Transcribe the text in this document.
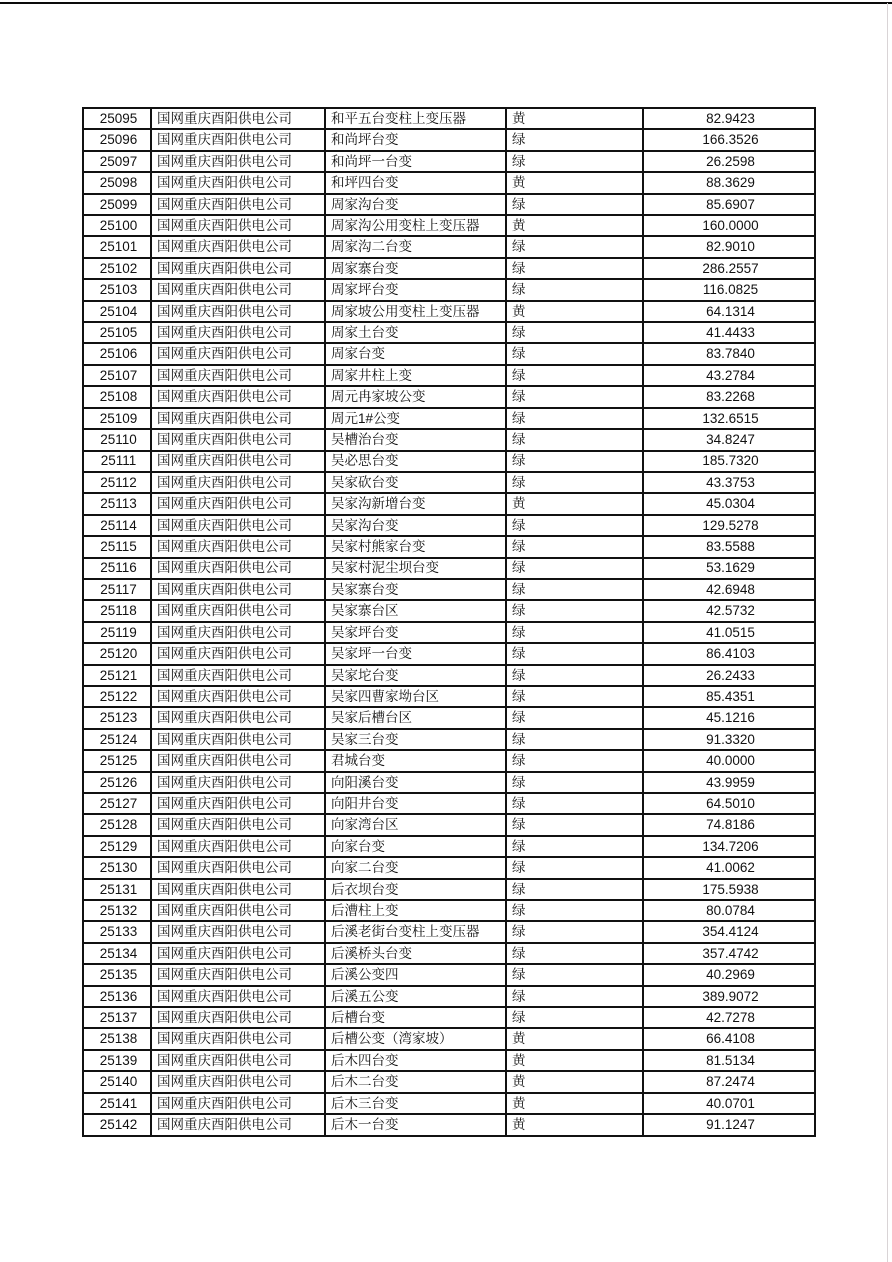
25095	国网重庆酉阳供电公司	和平五台变柱上变压器	黄	82.9423
25096	国网重庆酉阳供电公司	和尚坪台变	绿	166.3526
25097	国网重庆酉阳供电公司	和尚坪一台变	绿	26.2598
25098	国网重庆酉阳供电公司	和坪四台变	黄	88.3629
25099	国网重庆酉阳供电公司	周家沟台变	绿	85.6907
25100	国网重庆酉阳供电公司	周家沟公用变柱上变压器	黄	160.0000
25101	国网重庆酉阳供电公司	周家沟二台变	绿	82.9010
25102	国网重庆酉阳供电公司	周家寨台变	绿	286.2557
25103	国网重庆酉阳供电公司	周家坪台变	绿	116.0825
25104	国网重庆酉阳供电公司	周家坡公用变柱上变压器	黄	64.1314
25105	国网重庆酉阳供电公司	周家土台变	绿	41.4433
25106	国网重庆酉阳供电公司	周家台变	绿	83.7840
25107	国网重庆酉阳供电公司	周家井柱上变	绿	43.2784
25108	国网重庆酉阳供电公司	周元冉家坡公变	绿	83.2268
25109	国网重庆酉阳供电公司	周元1#公变	绿	132.6515
25110	国网重庆酉阳供电公司	吴槽治台变	绿	34.8247
25111	国网重庆酉阳供电公司	吴必思台变	绿	185.7320
25112	国网重庆酉阳供电公司	吴家砍台变	绿	43.3753
25113	国网重庆酉阳供电公司	吴家沟新增台变	黄	45.0304
25114	国网重庆酉阳供电公司	吴家沟台变	绿	129.5278
25115	国网重庆酉阳供电公司	吴家村熊家台变	绿	83.5588
25116	国网重庆酉阳供电公司	吴家村泥尘坝台变	绿	53.1629
25117	国网重庆酉阳供电公司	吴家寨台变	绿	42.6948
25118	国网重庆酉阳供电公司	吴家寨台区	绿	42.5732
25119	国网重庆酉阳供电公司	吴家坪台变	绿	41.0515
25120	国网重庆酉阳供电公司	吴家坪一台变	绿	86.4103
25121	国网重庆酉阳供电公司	吴家坨台变	绿	26.2433
25122	国网重庆酉阳供电公司	吴家四曹家坳台区	绿	85.4351
25123	国网重庆酉阳供电公司	吴家后槽台区	绿	45.1216
25124	国网重庆酉阳供电公司	吴家三台变	绿	91.3320
25125	国网重庆酉阳供电公司	君城台变	绿	40.0000
25126	国网重庆酉阳供电公司	向阳溪台变	绿	43.9959
25127	国网重庆酉阳供电公司	向阳井台变	绿	64.5010
25128	国网重庆酉阳供电公司	向家湾台区	绿	74.8186
25129	国网重庆酉阳供电公司	向家台变	绿	134.7206
25130	国网重庆酉阳供电公司	向家二台变	绿	41.0062
25131	国网重庆酉阳供电公司	后衣坝台变	绿	175.5938
25132	国网重庆酉阳供电公司	后漕柱上变	绿	80.0784
25133	国网重庆酉阳供电公司	后溪老街台变柱上变压器	绿	354.4124
25134	国网重庆酉阳供电公司	后溪桥头台变	绿	357.4742
25135	国网重庆酉阳供电公司	后溪公变四	绿	40.2969
25136	国网重庆酉阳供电公司	后溪五公变	绿	389.9072
25137	国网重庆酉阳供电公司	后槽台变	绿	42.7278
25138	国网重庆酉阳供电公司	后槽公变（湾家坡）	黄	66.4108
25139	国网重庆酉阳供电公司	后木四台变	黄	81.5134
25140	国网重庆酉阳供电公司	后木二台变	黄	87.2474
25141	国网重庆酉阳供电公司	后木三台变	黄	40.0701
25142	国网重庆酉阳供电公司	后木一台变	黄	91.1247
